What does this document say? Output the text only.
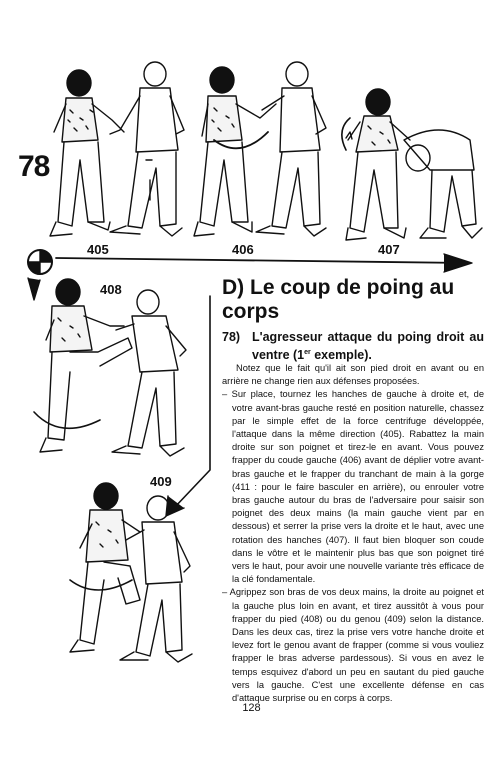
78
405	406	407
408
409
D) Le coup de poing au corps
78) L'agresseur attaque du poing droit au ventre (1er exemple).

Notez que le fait qu'il ait son pied droit en avant ou en arrière ne change rien aux défenses proposées.

– Sur place, tournez les hanches de gauche à droite et, de votre avant-bras gauche resté en position naturelle, chassez par le simple effet de la force centrifuge développée, l'attaque dans la même direction (405). Rabattez la main droite sur son poignet et tirez-le en avant. Vous pouvez frapper du coude gauche (406) avant de déplier votre avant-bras gauche et le frapper du tranchant de main à la gorge (411 : pour le faire basculer en arrière), ou enrouler votre bras gauche autour du bras de l'adversaire pour saisir son poignet des deux mains (la main gauche vient par en dessous) et serrer la prise vers la droite et le haut, avec une rotation des hanches (407). Il faut bien bloquer son coude dans le vôtre et le maintenir plus bas que son poignet tiré vers le haut, pour avoir une nouvelle variante très efficace de la clé fondamentale.

– Agrippez son bras de vos deux mains, la droite au poignet et la gauche plus loin en avant, et tirez aussitôt à vous pour frapper du pied (408) ou du genou (409) selon la distance. Dans les deux cas, tirez la prise vers votre hanche droite et levez fort le genou avant de frapper (comme si vous vouliez frapper le bras adverse pardessous). Si vous en avez le temps esquivez d'abord un peu en sautant du pied gauche vers la gauche. C'est une excellente défense en cas d'attaque surprise ou en corps à corps.

128
